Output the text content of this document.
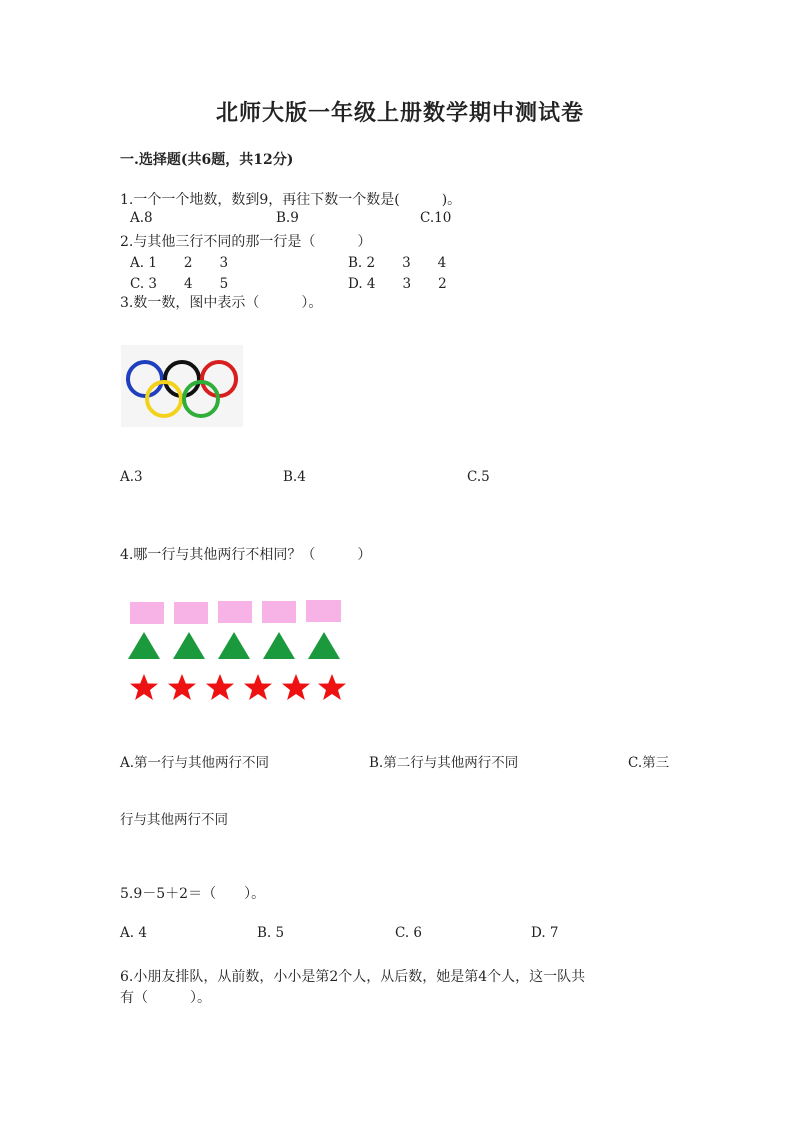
北师大版一年级上册数学期中测试卷
一.选择题(共6题，共12分)
1.一个一个地数，数到9，再往下数一个数是(　　　)。
A.8	B.9	C.10
2.与其他三行不同的那一行是（　　　）
A. 1　　2　　3	B. 2　　3　　4
C. 3　　4　　5	D. 4　　3　　2
3.数一数，图中表示（　　　）。
A.3	B.4	C.5
4.哪一行与其他两行不相同？（　　　）
A.第一行与其他两行不同	B.第二行与其他两行不同	C.第三
行与其他两行不同
5.9－5＋2＝（　　）。
A. 4	B. 5	C. 6	D. 7
6.小朋友排队，从前数，小小是第2个人，从后数，她是第4个人，这一队共
有（　　　）。
